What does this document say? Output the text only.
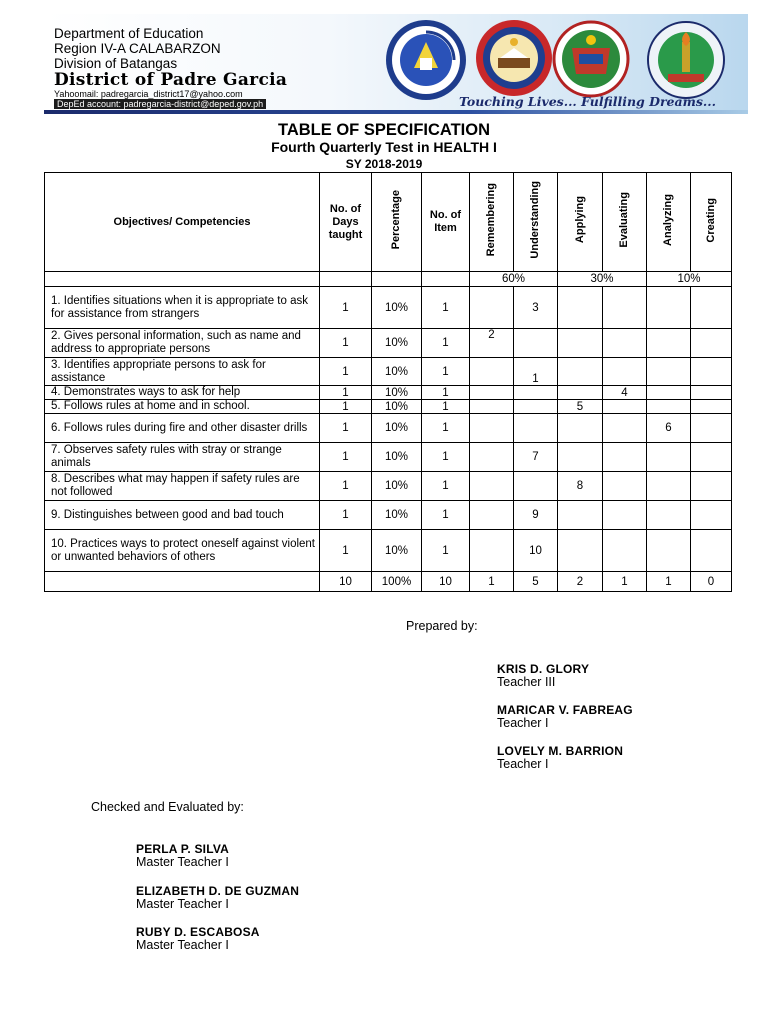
Department of Education
Region IV-A CALABARZON
Division of Batangas
District of Padre Garcia
Yahoomail: padregarcia_district17@yahoo.com
DepEd account: padregarcia-district@deped.gov.ph	Touching Lives... Fulfilling Dreams...
TABLE OF SPECIFICATION
Fourth Quarterly Test in HEALTH I
SY 2018-2019
Objectives/ Competencies	No. of Days taught	Percentage	No. of Item	Remembering	Understanding	Applying	Evaluating	Analyzing	Creating
				60%		30%		10%	
1. Identifies situations when it is appropriate to ask for assistance from strangers	1	10%	1		3				
2. Gives personal information, such as name and address to appropriate persons	1	10%	1	2					
3. Identifies appropriate persons to ask for assistance	1	10%	1		1				
4. Demonstrates ways to ask for help	1	10%	1				4		
5. Follows rules at home and in school.	1	10%	1			5			
6. Follows rules during fire and other disaster drills	1	10%	1					6	
7. Observes safety rules with stray or strange animals	1	10%	1		7				
8. Describes what may happen if safety rules are not followed	1	10%	1			8			
9. Distinguishes between good and bad touch	1	10%	1		9				
10. Practices ways to protect oneself against violent or unwanted behaviors of others	1	10%	1		10				
	10	100%	10	1	5	2	1	1	0
Prepared by:
KRIS D. GLORY
Teacher III
MARICAR V. FABREAG
Teacher I
LOVELY M. BARRION
Teacher I
Checked and Evaluated by:
PERLA P. SILVA
Master Teacher I
ELIZABETH D. DE GUZMAN
Master Teacher I
RUBY D. ESCABOSA
Master Teacher I
